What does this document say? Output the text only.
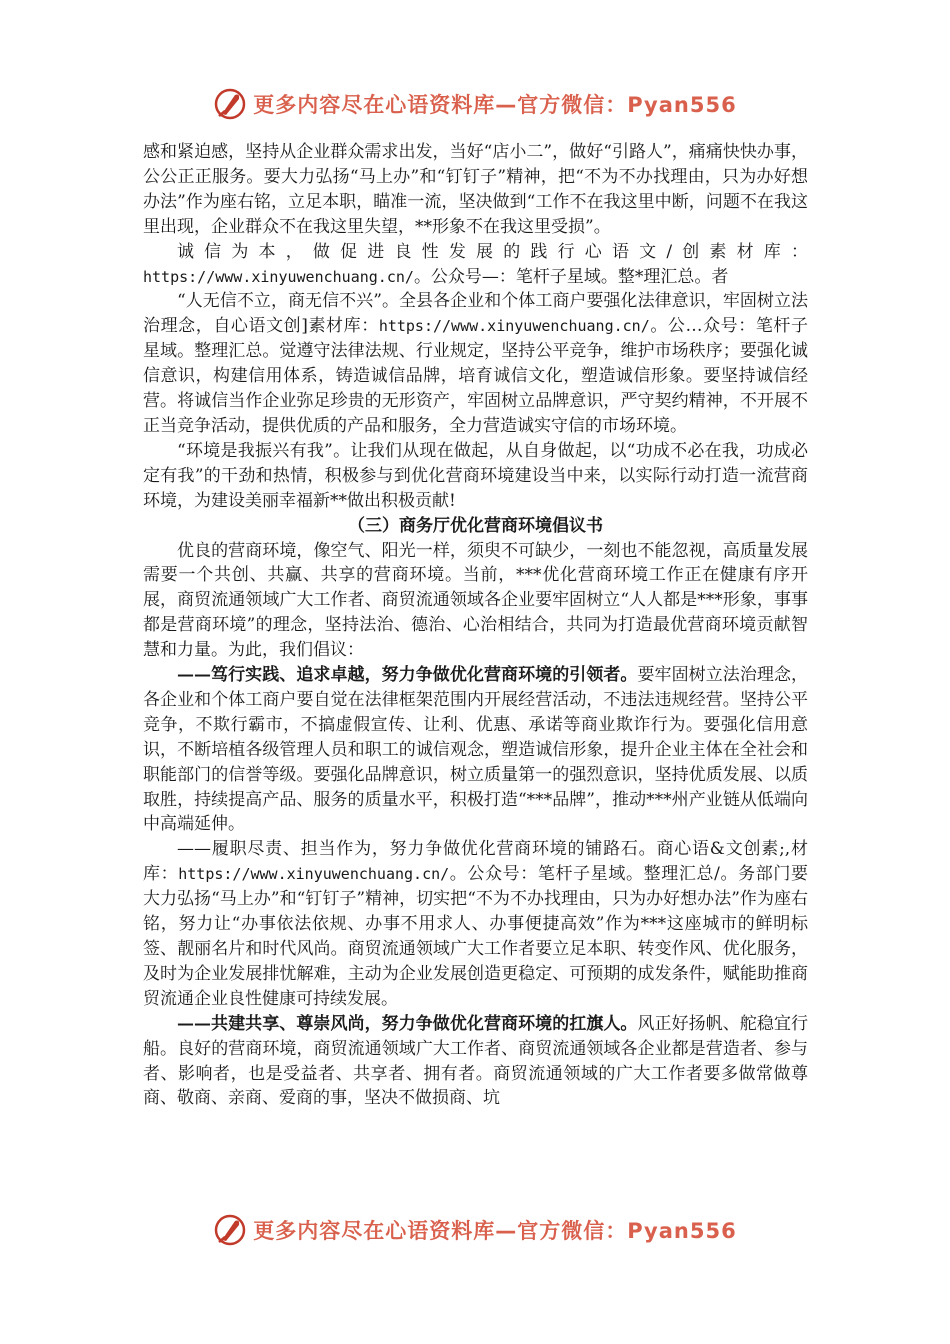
更多内容尽在心语资料库—官方微信：Pyan556

感和紧迫感，坚持从企业群众需求出发，当好“店小二”，做好“引路人”，痛痛快快办事，公公正正服务。要大力弘扬“马上办”和“钉钉子”精神，把“不为不办找理由，只为办好想办法”作为座右铭，立足本职，瞄准一流，坚决做到“工作不在我这里中断，问题不在我这里出现，企业群众不在我这里失望，**形象不在我这里受损”。

诚信为本，做促进良性发展的践行心语文/创素材库：https://www.xinyuwenchuang.cn/。公众号—：笔杆子星域。整*理汇总。者

“人无信不立，商无信不兴”。全县各企业和个体工商户要强化法律意识，牢固树立法治理念，自心语文创]素材库：https://www.xinyuwenchuang.cn/。公…众号：笔杆子星域。整理汇总。觉遵守法律法规、行业规定，坚持公平竞争，维护市场秩序；要强化诚信意识，构建信用体系，铸造诚信品牌，培育诚信文化，塑造诚信形象。要坚持诚信经营。将诚信当作企业弥足珍贵的无形资产，牢固树立品牌意识，严守契约精神，不开展不正当竞争活动，提供优质的产品和服务，全力营造诚实守信的市场环境。

“环境是我振兴有我”。让我们从现在做起，从自身做起，以“功成不必在我，功成必定有我”的干劲和热情，积极参与到优化营商环境建设当中来，以实际行动打造一流营商环境，为建设美丽幸福新**做出积极贡献!

（三）商务厅优化营商环境倡议书

优良的营商环境，像空气、阳光一样，须臾不可缺少，一刻也不能忽视，高质量发展需要一个共创、共赢、共享的营商环境。当前，***优化营商环境工作正在健康有序开展，商贸流通领域广大工作者、商贸流通领域各企业要牢固树立“人人都是***形象，事事都是营商环境”的理念，坚持法治、德治、心治相结合，共同为打造最优营商环境贡献智慧和力量。为此，我们倡议：

——笃行实践、追求卓越，努力争做优化营商环境的引领者。要牢固树立法治理念，各企业和个体工商户要自觉在法律框架范围内开展经营活动，不违法违规经营。坚持公平竞争，不欺行霸市，不搞虚假宣传、让利、优惠、承诺等商业欺诈行为。要强化信用意识，不断培植各级管理人员和职工的诚信观念，塑造诚信形象，提升企业主体在全社会和职能部门的信誉等级。要强化品牌意识，树立质量第一的强烈意识，坚持优质发展、以质取胜，持续提高产品、服务的质量水平，积极打造“***品牌”，推动***州产业链从低端向中高端延伸。

——履职尽责、担当作为，努力争做优化营商环境的铺路石。商心语&文创素;,材库：https://www.xinyuwenchuang.cn/。公众号：笔杆子星域。整理汇总/。务部门要大力弘扬“马上办”和“钉钉子”精神，切实把“不为不办找理由，只为办好想办法”作为座右铭，努力让“办事依法依规、办事不用求人、办事便捷高效”作为***这座城市的鲜明标签、靓丽名片和时代风尚。商贸流通领域广大工作者要立足本职、转变作风、优化服务，及时为企业发展排忧解难，主动为企业发展创造更稳定、可预期的成发条件，赋能助推商贸流通企业良性健康可持续发展。

——共建共享、尊崇风尚，努力争做优化营商环境的扛旗人。风正好扬帆、舵稳宜行船。良好的营商环境，商贸流通领域广大工作者、商贸流通领域各企业都是营造者、参与者、影响者，也是受益者、共享者、拥有者。商贸流通领域的广大工作者要多做常做尊商、敬商、亲商、爱商的事，坚决不做损商、坑

更多内容尽在心语资料库—官方微信：Pyan556
